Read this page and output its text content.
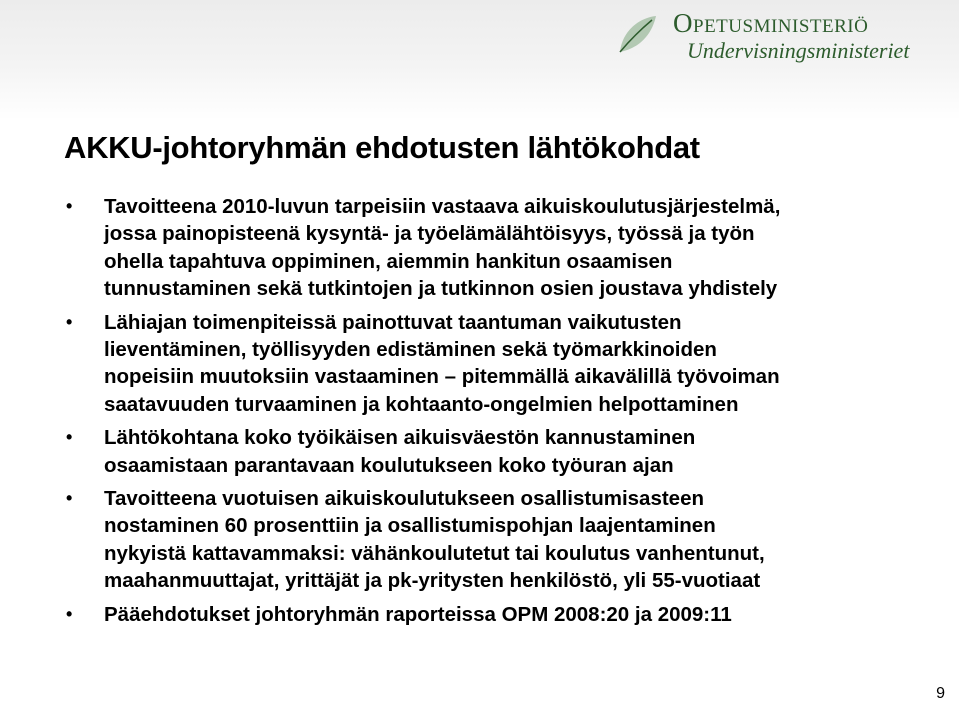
Opetusministeriö
Undervisningsministeriet
AKKU-johtoryhmän ehdotusten lähtökohdat
•	Tavoitteena 2010-luvun tarpeisiin vastaava aikuiskoulutusjärjestelmä,
jossa painopisteenä kysyntä- ja työelämälähtöisyys, työssä ja työn
ohella tapahtuva oppiminen, aiemmin hankitun osaamisen
tunnustaminen sekä tutkintojen ja tutkinnon osien joustava yhdistely
•	Lähiajan toimenpiteissä painottuvat taantuman vaikutusten
lieventäminen, työllisyyden edistäminen sekä työmarkkinoiden
nopeisiin muutoksiin vastaaminen – pitemmällä aikavälillä työvoiman
saatavuuden turvaaminen ja kohtaanto-ongelmien helpottaminen
•	Lähtökohtana koko työikäisen aikuisväestön kannustaminen
osaamistaan parantavaan koulutukseen koko työuran ajan
•	Tavoitteena vuotuisen aikuiskoulutukseen osallistumisasteen
nostaminen 60 prosenttiin ja osallistumispohjan laajentaminen
nykyistä kattavammaksi: vähänkoulutetut tai koulutus vanhentunut,
maahanmuuttajat, yrittäjät ja pk-yritysten henkilöstö, yli 55-vuotiaat
•	Pääehdotukset johtoryhmän raporteissa OPM 2008:20 ja 2009:11
9
